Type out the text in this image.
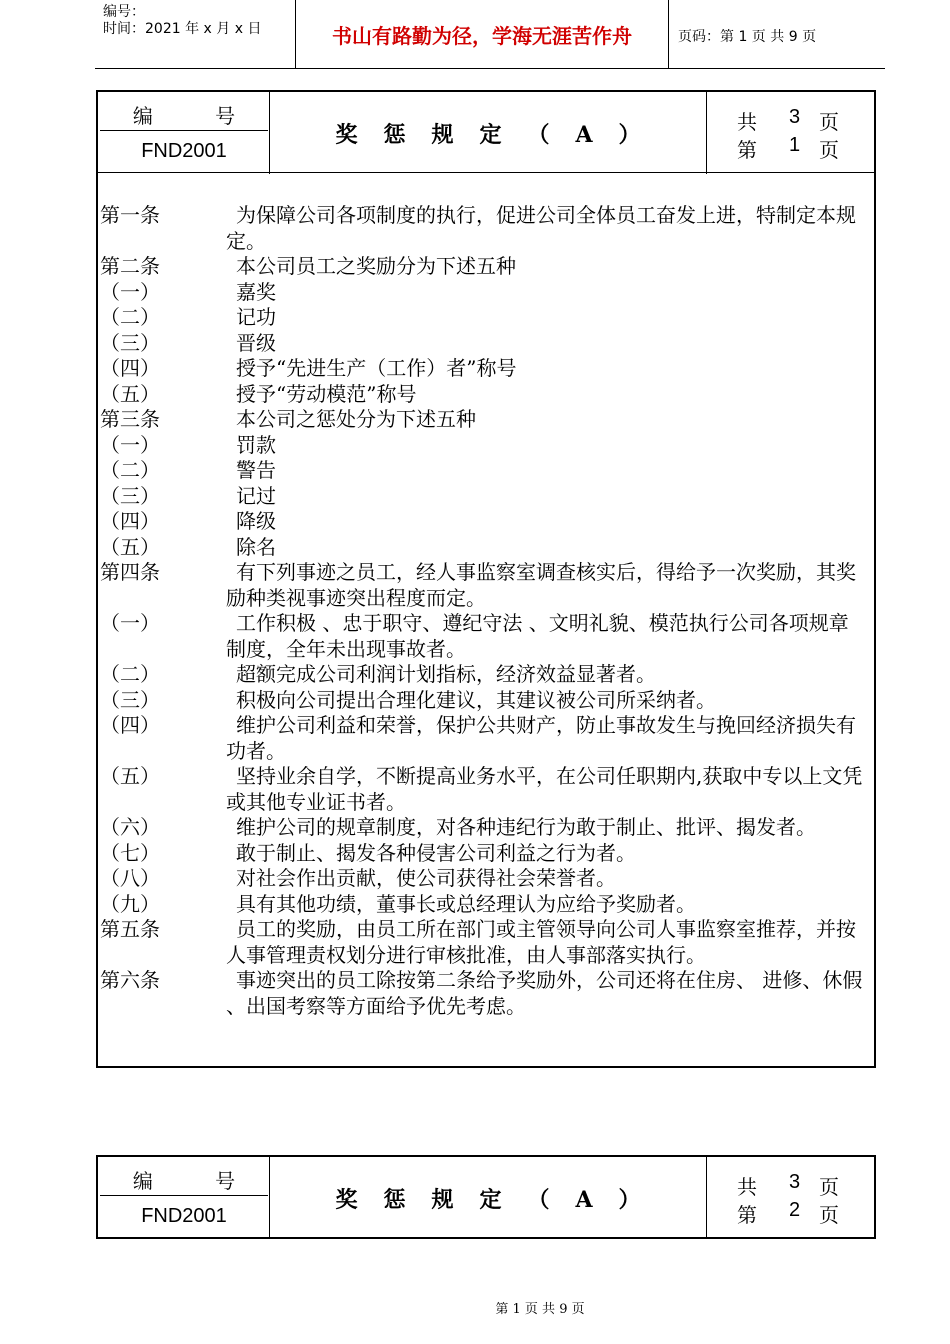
编号：
时间：2021 年 x 月 x 日	书山有路勤为径，学海无涯苦作舟	页码：第 1 页 共 9 页
编 号
FND2001
奖惩规定（A）	共 3 页
第 1 页
第一条	为保障公司各项制度的执行，促进公司全体员工奋发上进，特制定本规定。
第二条	本公司员工之奖励分为下述五种
（一）	嘉奖
（二）	记功
（三）	晋级
（四）	授予“先进生产（工作）者”称号
（五）	授予“劳动模范”称号
第三条	本公司之惩处分为下述五种
（一）	罚款
（二）	警告
（三）	记过
（四）	降级
（五）	除名
第四条	有下列事迹之员工，经人事监察室调查核实后，得给予一次奖励，其奖励种类视事迹突出程度而定。
（一）	工作积极 、忠于职守、遵纪守法 、文明礼貌、模范执行公司各项规章制度，全年未出现事故者。
（二）	超额完成公司利润计划指标，经济效益显著者。
（三）	积极向公司提出合理化建议，其建议被公司所采纳者。
（四）	维护公司利益和荣誉，保护公共财产，防止事故发生与挽回经济损失有功者。
（五）	坚持业余自学，不断提高业务水平，在公司任职期内,获取中专以上文凭或其他专业证书者。
（六）	维护公司的规章制度，对各种违纪行为敢于制止、批评、揭发者。
（七）	敢于制止、揭发各种侵害公司利益之行为者。
（八）	对社会作出贡献，使公司获得社会荣誉者。
（九）	具有其他功绩，董事长或总经理认为应给予奖励者。
第五条	员工的奖励，由员工所在部门或主管领导向公司人事监察室推荐，并按人事管理责权划分进行审核批准，由人事部落实执行。
第六条	事迹突出的员工除按第二条给予奖励外，公司还将在住房、 进修、休假 、出国考察等方面给予优先考虑。
编 号
FND2001
奖惩规定（A）	共 3 页
第 2 页
第 1 页 共 9 页
